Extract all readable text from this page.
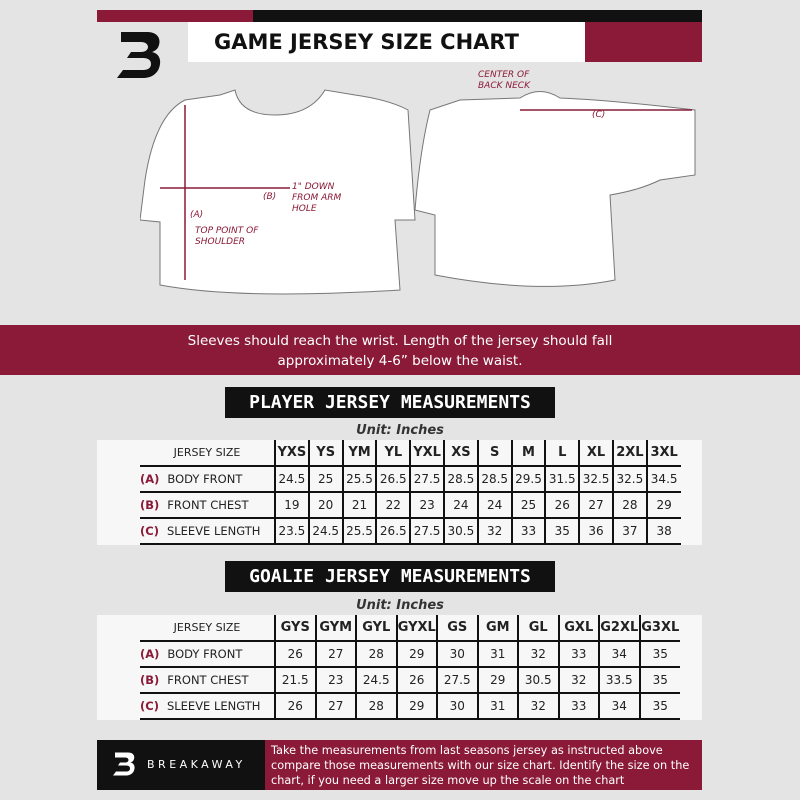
GAME JERSEY SIZE CHART
CENTER OF BACK NECK
(C)
(B)
1" DOWN FROM ARM HOLE
(A)
TOP POINT OF SHOULDER
Sleeves should reach the wrist. Length of the jersey should fall approximately 4-6” below the waist.
PLAYER JERSEY MEASUREMENTS
Unit: Inches
JERSEY SIZE	YXS	YS	YM	YL	YXL	XS	S	M	L	XL	2XL	3XL
(A) BODY FRONT	24.5	25	25.5	26.5	27.5	28.5	28.5	29.5	31.5	32.5	32.5	34.5
(B) FRONT CHEST	19	20	21	22	23	24	24	25	26	27	28	29
(C) SLEEVE LENGTH	23.5	24.5	25.5	26.5	27.5	30.5	32	33	35	36	37	38
GOALIE JERSEY MEASUREMENTS
Unit: Inches
JERSEY SIZE	GYS	GYM	GYL	GYXL	GS	GM	GL	GXL	G2XL	G3XL
(A) BODY FRONT	26	27	28	29	30	31	32	33	34	35
(B) FRONT CHEST	21.5	23	24.5	26	27.5	29	30.5	32	33.5	35
(C) SLEEVE LENGTH	26	27	28	29	30	31	32	33	34	35
BREAKAWAY
Take the measurements from last seasons jersey as instructed above compare those measurements with our size chart. Identify the size on the chart, if you need a larger size move up the scale on the chart
